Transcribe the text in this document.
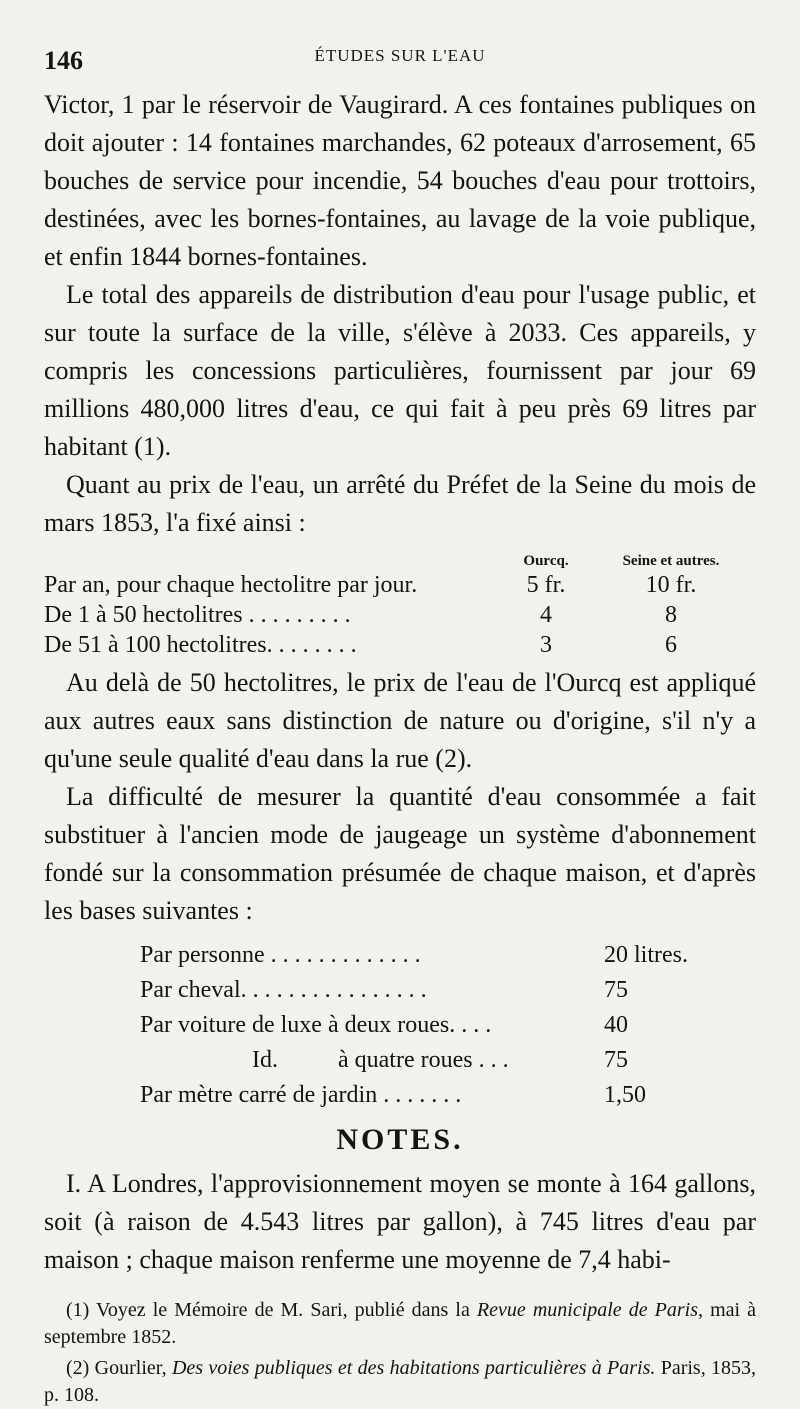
146	ÉTUDES SUR L'EAU

Victor, 1 par le réservoir de Vaugirard. A ces fontaines publiques on doit ajouter : 14 fontaines marchandes, 62 poteaux d'arrosement, 65 bouches de service pour incendie, 54 bouches d'eau pour trottoirs, destinées, avec les bornes-fontaines, au lavage de la voie publique, et enfin 1844 bornes-fontaines.

Le total des appareils de distribution d'eau pour l'usage public, et sur toute la surface de la ville, s'élève à 2033. Ces appareils, y compris les concessions particulières, fournissent par jour 69 millions 480,000 litres d'eau, ce qui fait à peu près 69 litres par habitant (1).

Quant au prix de l'eau, un arrêté du Préfet de la Seine du mois de mars 1853, l'a fixé ainsi :

	Ourcq.	Seine et autres.
Par an, pour chaque hectolitre par jour.	5 fr.	10 fr.
De 1 à 50 hectolitres . . . . . . . . .	4	8
De 51 à 100 hectolitres. . . . . . . .	3	6

Au delà de 50 hectolitres, le prix de l'eau de l'Ourcq est appliqué aux autres eaux sans distinction de nature ou d'origine, s'il n'y a qu'une seule qualité d'eau dans la rue (2).

La difficulté de mesurer la quantité d'eau consommée a fait substituer à l'ancien mode de jaugeage un système d'abonnement fondé sur la consommation présumée de chaque maison, et d'après les bases suivantes :

Par personne . . . . . . . . . . . . .	20 litres.
Par cheval. . . . . . . . . . . . . . . .	75
Par voiture de luxe à deux roues. . . .	40
Id.          à quatre roues . . .	75
Par mètre carré de jardin . . . . . . .	1,50
NOTES.

I. A Londres, l'approvisionnement moyen se monte à 164 gallons, soit (à raison de 4.543 litres par gallon), à 745 litres d'eau par maison ; chaque maison renferme une moyenne de 7,4 habi-

(1) Voyez le Mémoire de M. Sari, publié dans la Revue municipale de Paris, mai à septembre 1852.

(2) Gourlier, Des voies publiques et des habitations particulières à Paris. Paris, 1853, p. 108.
